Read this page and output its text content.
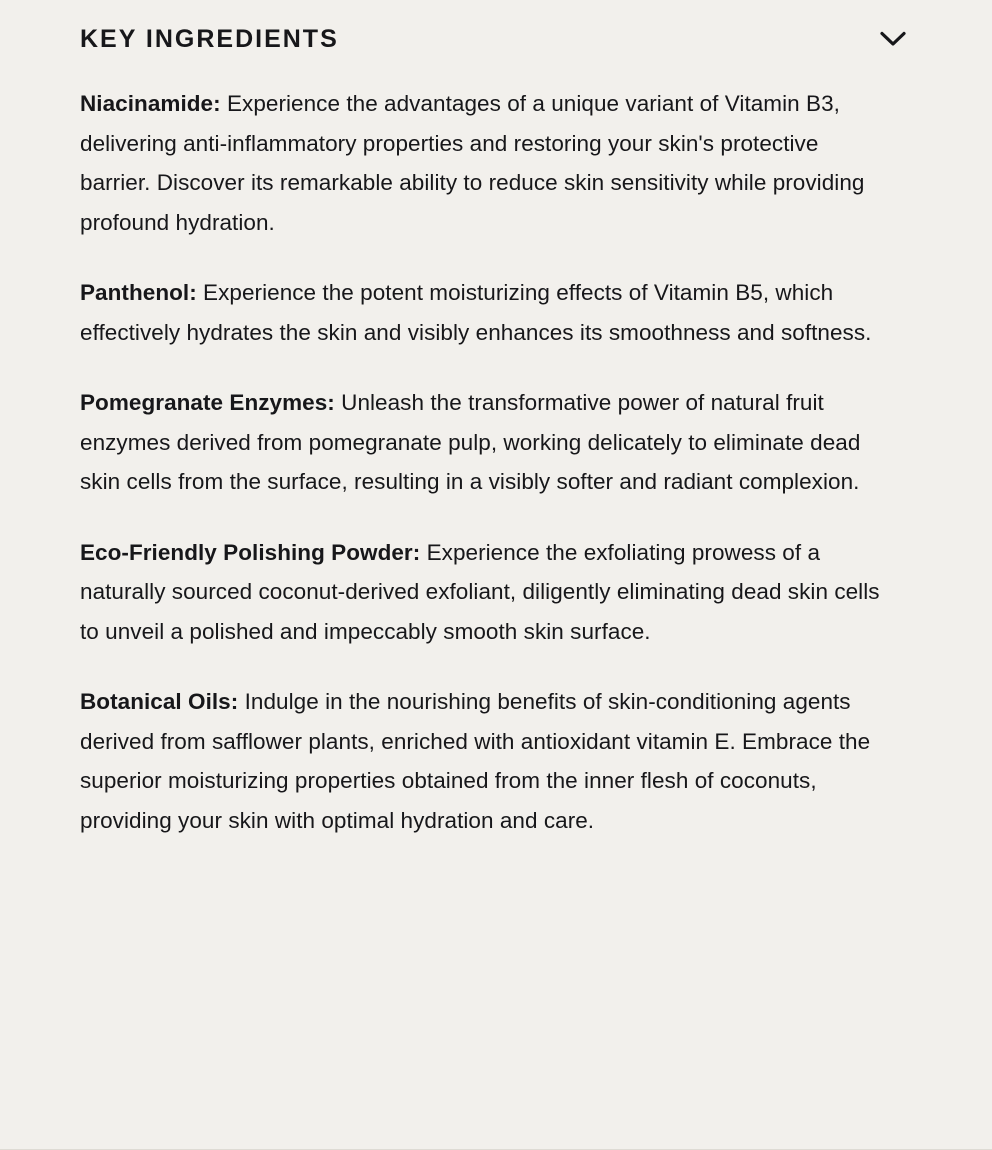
KEY INGREDIENTS

Niacinamide: Experience the advantages of a unique variant of Vitamin B3, delivering anti-inflammatory properties and restoring your skin's protective barrier. Discover its remarkable ability to reduce skin sensitivity while providing profound hydration.

Panthenol: Experience the potent moisturizing effects of Vitamin B5, which effectively hydrates the skin and visibly enhances its smoothness and softness.

Pomegranate Enzymes: Unleash the transformative power of natural fruit enzymes derived from pomegranate pulp, working delicately to eliminate dead skin cells from the surface, resulting in a visibly softer and radiant complexion.

Eco-Friendly Polishing Powder: Experience the exfoliating prowess of a naturally sourced coconut-derived exfoliant, diligently eliminating dead skin cells to unveil a polished and impeccably smooth skin surface.

Botanical Oils: Indulge in the nourishing benefits of skin-conditioning agents derived from safflower plants, enriched with antioxidant vitamin E. Embrace the superior moisturizing properties obtained from the inner flesh of coconuts, providing your skin with optimal hydration and care.
